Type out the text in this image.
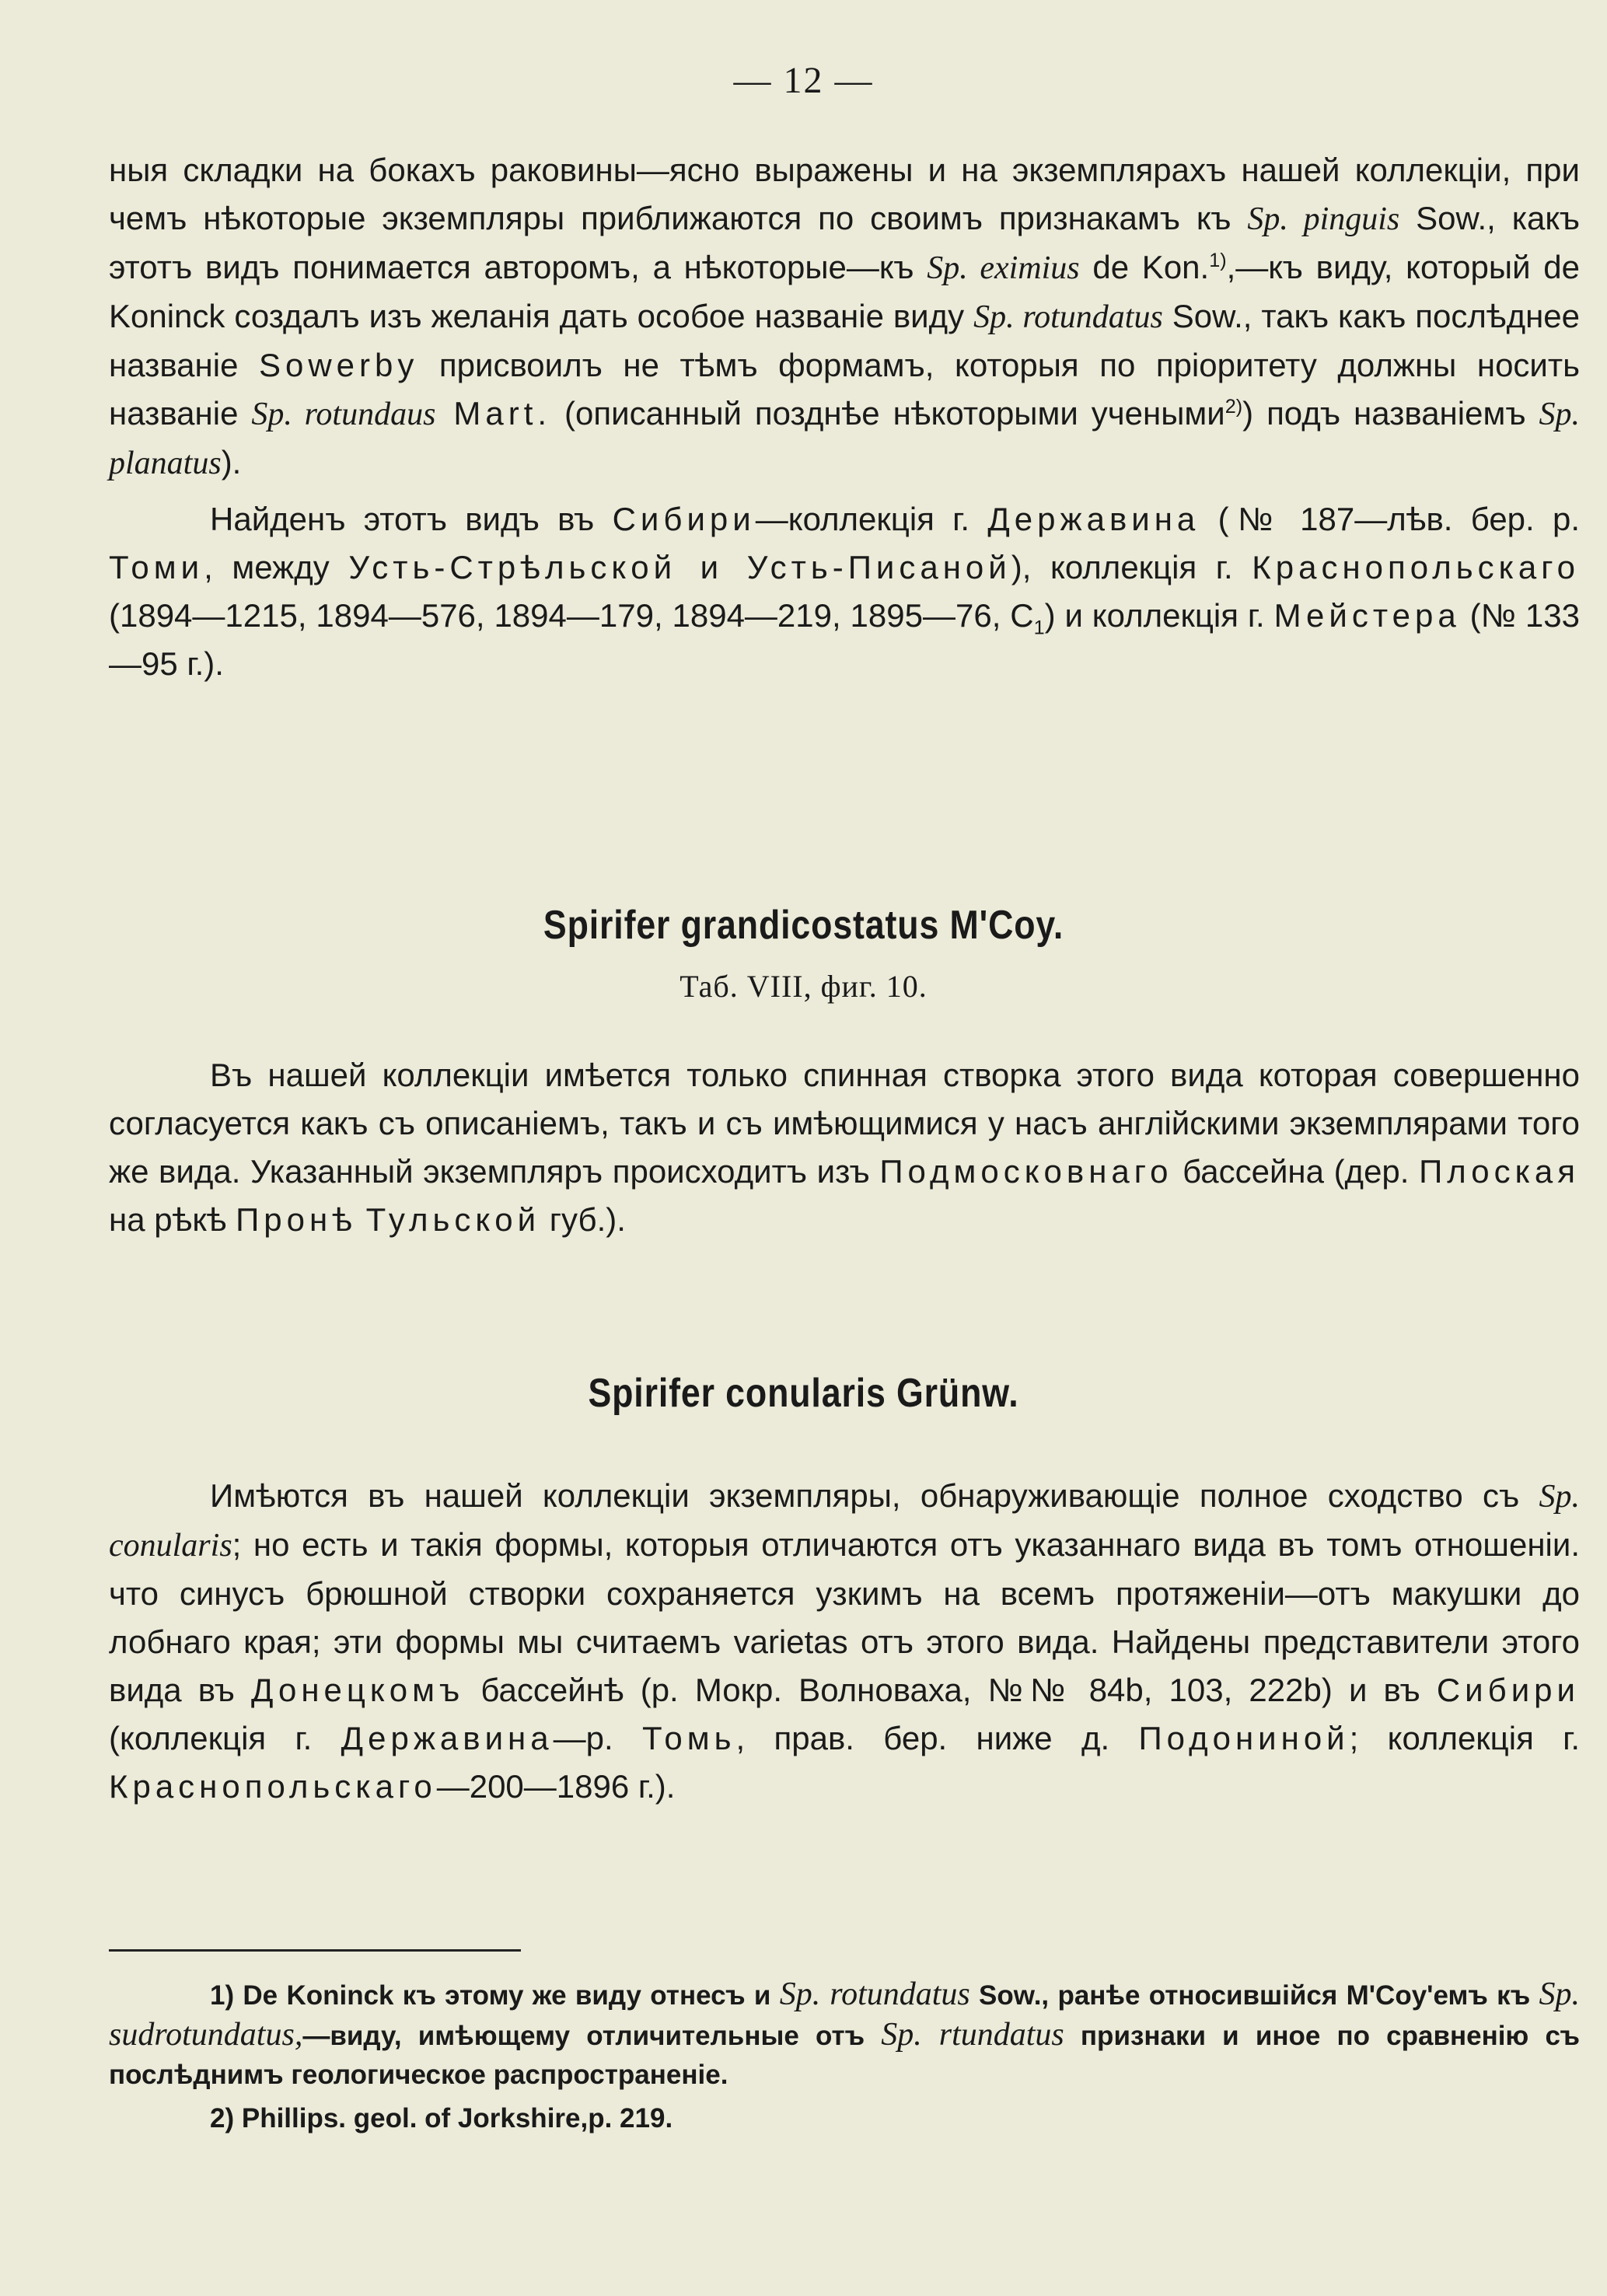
— 12 —

ныя складки на бокахъ раковины—ясно выражены и на экземплярахъ нашей коллекціи, при чемъ нѣкоторые экземпляры приближаются по своимъ признакамъ къ Sp. pinguis Sow., какъ этотъ видъ понимается авторомъ, а нѣкоторые—къ Sp. eximius de Kon.$^{1)}$,—къ виду, который de Koninck создалъ изъ желанія дать особое названіе виду Sp. rotundatus Sow., такъ какъ послѣднее названіе Sowerby присвоилъ не тѣмъ формамъ, которыя по пріоритету должны носить названіе Sp. rotundaus Mart. (описанный позднѣе нѣкоторыми учеными$^{2)}$) подъ названіемъ Sp. planatus).

Найденъ этотъ видъ въ Сибири—коллекція г. Державина (№ 187—лѣв. бер. р. Томи, между Усть-Стрѣльской и Усть-Писаной), коллекція г. Краснопольскаго (1894—1215, 1894—576, 1894—179, 1894—219, 1895—76, $C_1$) и коллекція г. Мейстера (№ 133—95 г.).

Spirifer grandicostatus M'Coy.
Таб. VIII, фиг. 10.

Въ нашей коллекціи имѣется только спинная створка этого вида которая совершенно согласуется какъ съ описаніемъ, такъ и съ имѣющимися у насъ англійскими экземплярами того же вида. Указанный экземпляръ происходитъ изъ Подмосковнаго бассейна (дер. Плоская на рѣкѣ Пронѣ Тульской губ.).

Spirifer conularis Grünw.

Имѣются въ нашей коллекціи экземпляры, обнаруживающіе полное сходство съ Sp. conularis; но есть и такія формы, которыя отличаются отъ указаннаго вида въ томъ отношеніи. что синусъ брюшной створки сохраняется узкимъ на всемъ протяженіи—отъ макушки до лобнаго края; эти формы мы считаемъ varietas отъ этого вида. Найдены представители этого вида въ Донецкомъ бассейнѣ (р. Мокр. Волноваха, №№ 84b, 103, 222b) и въ Сибири (коллекція г. Державина—р. Томь, прав. бер. ниже д. Подониной; коллекція г. Краснопольскаго—200—1896 г.).

1) De Koninck къ этому же виду отнесъ и Sp. rotundatus Sow., ранѣе относившійся M'Coy'емъ къ Sp. sudrotundatus,—виду, имѣющему отличительные отъ Sp. rtundatus признаки и иное по сравненію съ послѣднимъ геологическое распространеніе.

2) Phillips. geol. of Jorkshire,p. 219.
